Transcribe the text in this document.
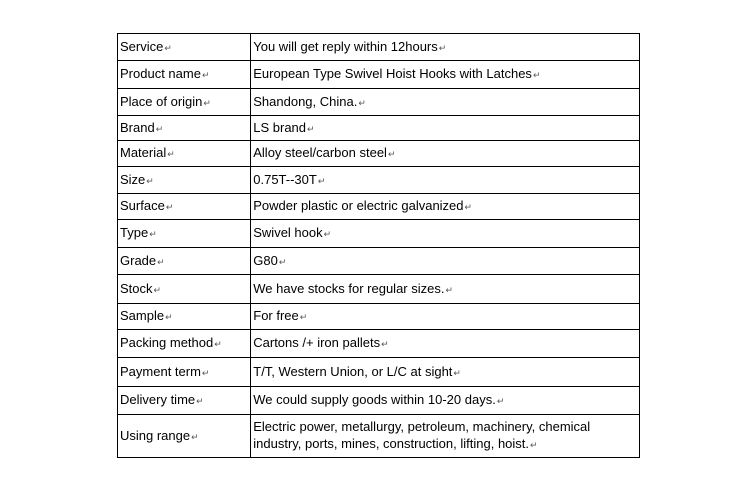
Service↵	You will get reply within 12hours↵
Product name↵	European Type Swivel Hoist Hooks with Latches↵
Place of origin↵	Shandong, China.↵
Brand↵	LS brand↵
Material↵	Alloy steel/carbon steel↵
Size↵	0.75T--30T↵
Surface↵	Powder plastic or electric galvanized↵
Type↵	Swivel hook↵
Grade↵	G80↵
Stock↵	We have stocks for regular sizes.↵
Sample↵	For free↵
Packing method↵	Cartons /+ iron pallets↵
Payment term↵	T/T, Western Union, or L/C at sight↵
Delivery time↵	We could supply goods within 10-20 days.↵
Using range↵	Electric power, metallurgy, petroleum, machinery, chemical industry, ports, mines, construction, lifting, hoist.↵
